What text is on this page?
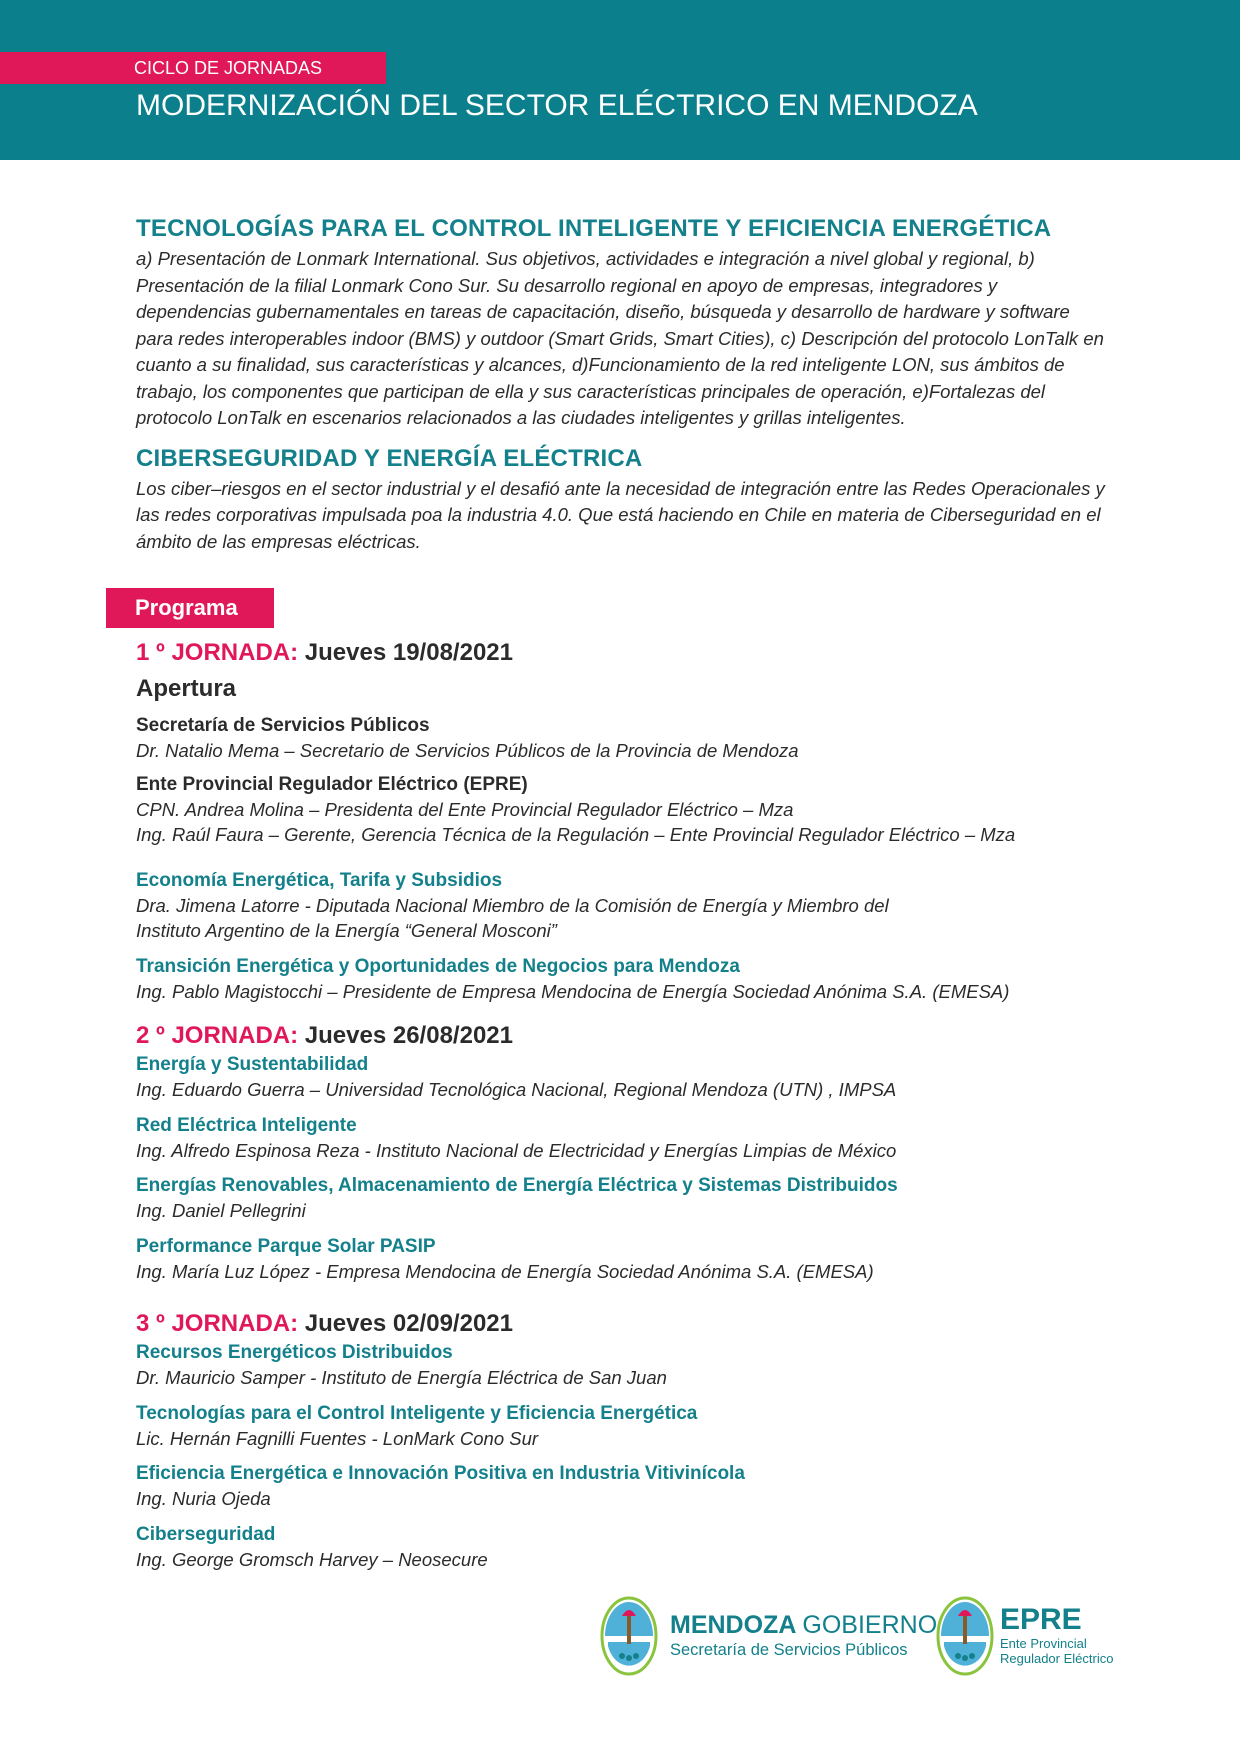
CICLO DE JORNADAS
MODERNIZACIÓN DEL SECTOR ELÉCTRICO EN MENDOZA
TECNOLOGÍAS PARA EL CONTROL INTELIGENTE Y EFICIENCIA ENERGÉTICA

a) Presentación de Lonmark International. Sus objetivos, actividades e integración a nivel global y regional, b) Presentación de la filial Lonmark Cono Sur. Su desarrollo regional en apoyo de empresas, integradores y dependencias gubernamentales en tareas de capacitación, diseño, búsqueda y desarrollo de hardware y software para redes interoperables indoor (BMS) y outdoor (Smart Grids, Smart Cities), c) Descripción del protocolo LonTalk en cuanto a su finalidad, sus características y alcances, d)Funcionamiento de la red inteligente LON, sus ámbitos de trabajo, los componentes que participan de ella y sus características principales de operación, e)Fortalezas del protocolo LonTalk en escenarios relacionados a las ciudades inteligentes y grillas inteligentes.

CIBERSEGURIDAD Y ENERGÍA ELÉCTRICA

Los ciber–riesgos en el sector industrial y el desafió ante la necesidad de integración entre las Redes Operacionales y las redes corporativas impulsada poa la industria 4.0. Que está haciendo en Chile en materia de Ciberseguridad en el ámbito de las empresas eléctricas.

Programa
1 º JORNADA: Jueves 19/08/2021
Apertura
Secretaría de Servicios Públicos
Dr. Natalio Mema – Secretario de Servicios Públicos de la Provincia de Mendoza
Ente Provincial Regulador Eléctrico (EPRE)
CPN. Andrea Molina – Presidenta del Ente Provincial Regulador Eléctrico – Mza
Ing. Raúl Faura – Gerente, Gerencia Técnica de la Regulación – Ente Provincial Regulador Eléctrico – Mza
Economía Energética, Tarifa y Subsidios
Dra. Jimena Latorre - Diputada Nacional Miembro de la Comisión de Energía y Miembro del
Instituto Argentino de la Energía “General Mosconi”
Transición Energética y Oportunidades de Negocios para Mendoza
Ing. Pablo Magistocchi – Presidente de Empresa Mendocina de Energía Sociedad Anónima S.A. (EMESA)
2 º JORNADA: Jueves 26/08/2021
Energía y Sustentabilidad
Ing. Eduardo Guerra – Universidad Tecnológica Nacional, Regional Mendoza (UTN) , IMPSA
Red Eléctrica Inteligente
Ing. Alfredo Espinosa Reza - Instituto Nacional de Electricidad y Energías Limpias de México
Energías Renovables, Almacenamiento de Energía Eléctrica y Sistemas Distribuidos
Ing. Daniel Pellegrini
Performance Parque Solar PASIP
Ing. María Luz López - Empresa Mendocina de Energía Sociedad Anónima S.A. (EMESA)
3 º JORNADA: Jueves 02/09/2021
Recursos Energéticos Distribuidos
Dr. Mauricio Samper - Instituto de Energía Eléctrica de San Juan
Tecnologías para el Control Inteligente y Eficiencia Energética
Lic. Hernán Fagnilli Fuentes - LonMark Cono Sur
Eficiencia Energética e Innovación Positiva en Industria Vitivinícola
Ing. Nuria Ojeda
Ciberseguridad
Ing. George Gromsch Harvey – Neosecure
MENDOZA GOBIERNO
Secretaría de Servicios Públicos
EPRE
Ente Provincial
Regulador Eléctrico
